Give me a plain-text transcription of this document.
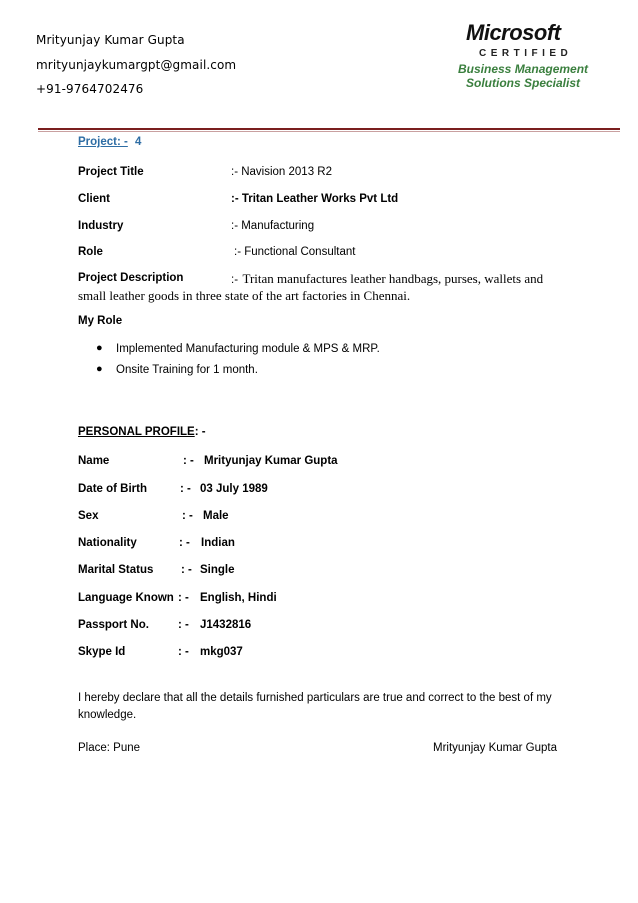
Mrityunjay Kumar Gupta
mrityunjaykumargpt@gmail.com
+91-9764702476
Microsoft
CERTIFIED
Business Management
Solutions Specialist
Project: - 4
Project Title	:- Navision 2013 R2
Client	:- Tritan Leather Works Pvt Ltd
Industry	:- Manufacturing
Role	:- Functional Consultant
Project Description	:- Tritan manufactures leather handbags, purses, wallets and
small leather goods in three state of the art factories in Chennai.
My Role
● Implemented Manufacturing module & MPS & MRP.
● Onsite Training for 1 month.
PERSONAL PROFILE: -
Name	: - Mrityunjay Kumar Gupta
Date of Birth	: - 03 July 1989
Sex	: - Male
Nationality	: - Indian
Marital Status : - Single
Language Known : - English, Hindi
Passport No.	: - J1432816
Skype Id	: - mkg037
I hereby declare that all the details furnished particulars are true and correct to the best of my
knowledge.
Place: Pune	Mrityunjay Kumar Gupta
